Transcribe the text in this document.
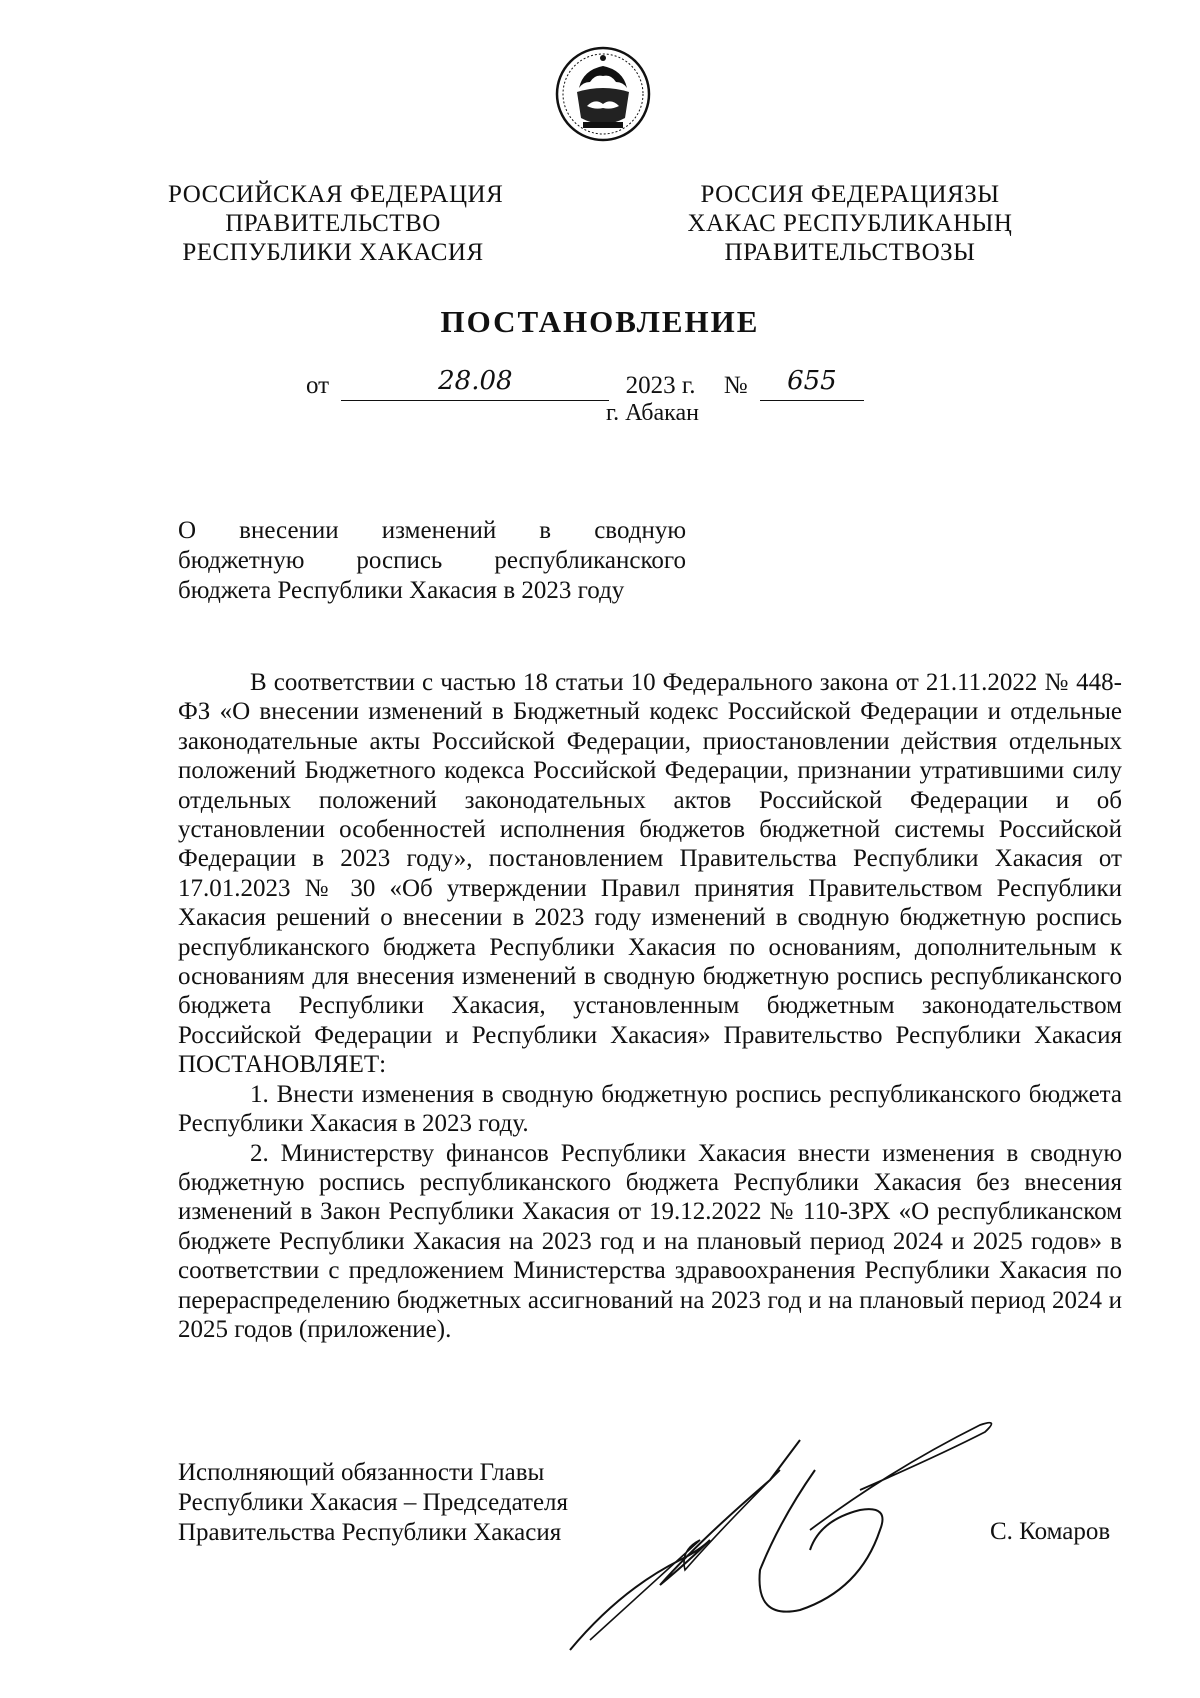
РОССИЙСКАЯ ФЕДЕРАЦИЯ
ПРАВИТЕЛЬСТВО
РЕСПУБЛИКИ ХАКАСИЯ
РОССИЯ ФЕДЕРАЦИЯЗЫ
ХАКАС РЕСПУБЛИКАНЫҢ
ПРАВИТЕЛЬСТВОЗЫ
ПОСТАНОВЛЕНИЕ
от	28.08	2023 г. № 655
г. Абакан

О внесении изменений в сводную

бюджетную роспись республиканского

бюджета Республики Хакасия в 2023 году

В соответствии с частью 18 статьи 10 Федерального закона от 21.11.2022 № 448-ФЗ «О внесении изменений в Бюджетный кодекс Российской Федерации и отдельные законодательные акты Российской Федерации, приостановлении действия отдельных положений Бюджетного кодекса Российской Федерации, признании утратившими силу отдельных положений законодательных актов Российской Федерации и об установлении особенностей исполнения бюджетов бюджетной системы Российской Федерации в 2023 году», постановлением Правительства Республики Хакасия от 17.01.2023 № 30 «Об утверждении Правил принятия Правительством Республики Хакасия решений о внесении в 2023 году изменений в сводную бюджетную роспись республиканского бюджета Республики Хакасия по основаниям, дополнительным к основаниям для внесения изменений в сводную бюджетную роспись республиканского бюджета Республики Хакасия, установленным бюджетным законодательством Российской Федерации и Республики Хакасия» Правительство Республики Хакасия ПОСТАНОВЛЯЕТ:

1. Внести изменения в сводную бюджетную роспись республиканского бюджета Республики Хакасия в 2023 году.

2. Министерству финансов Республики Хакасия внести изменения в сводную бюджетную роспись республиканского бюджета Республики Хакасия без внесения изменений в Закон Республики Хакасия от 19.12.2022 № 110-ЗРХ «О республиканском бюджете Республики Хакасия на 2023 год и на плановый период 2024 и 2025 годов» в соответствии с предложением Министерства здравоохранения Республики Хакасия по перераспределению бюджетных ассигнований на 2023 год и на плановый период 2024 и 2025 годов (приложение).

Исполняющий обязанности Главы
Республики Хакасия – Председателя
Правительства Республики Хакасия	С. Комаров
